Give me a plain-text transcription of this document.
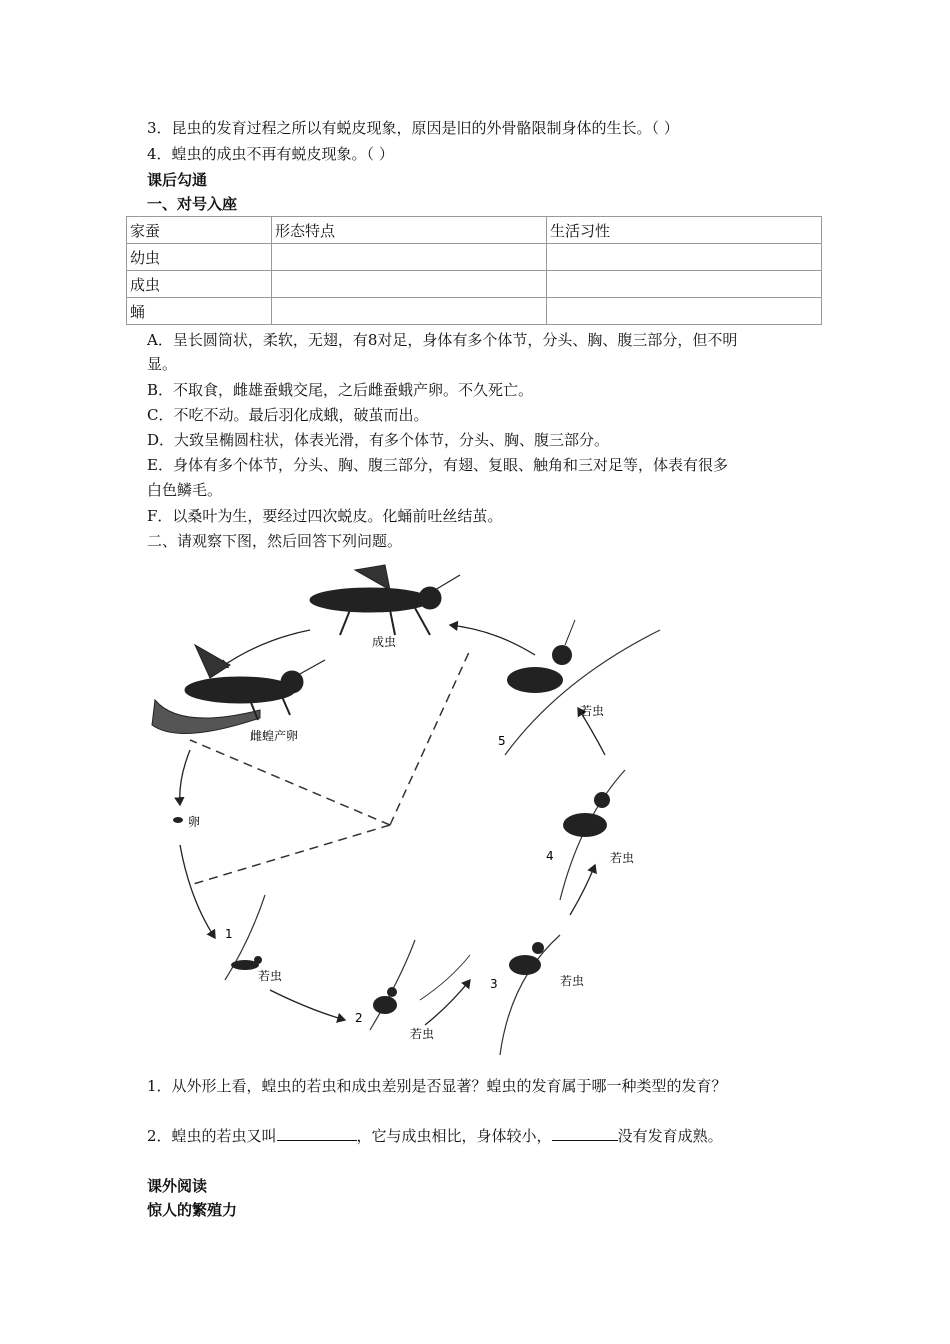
3．昆虫的发育过程之所以有蜕皮现象，原因是旧的外骨骼限制身体的生长。（ ）
4．蝗虫的成虫不再有蜕皮现象。（ ）
课后勾通
一、对号入座
家蚕	形态特点	生活习性
幼虫		
成虫		
蛹		
A．呈长圆筒状，柔软，无翅，有8对足，身体有多个体节，分头、胸、腹三部分，但不明
显。
B．不取食，雌雄蚕蛾交尾，之后雌蚕蛾产卵。不久死亡。
C．不吃不动。最后羽化成蛾，破茧而出。
D．大致呈椭圆柱状，体表光滑，有多个体节，分头、胸、腹三部分。
E．身体有多个体节，分头、胸、腹三部分，有翅、复眼、触角和三对足等，体表有很多
白色鳞毛。
F．以桑叶为生，要经过四次蜕皮。化蛹前吐丝结茧。
二、请观察下图，然后回答下列问题。
成虫
雌蝗产卵
卵
若虫
若虫
若虫
若虫
若虫
1
2
3
4
5
1．从外形上看，蝗虫的若虫和成虫差别是否显著？蝗虫的发育属于哪一种类型的发育？
2．蝗虫的若虫又叫	，它与成虫相比，身体较小，	没有发育成熟。
课外阅读
惊人的繁殖力
